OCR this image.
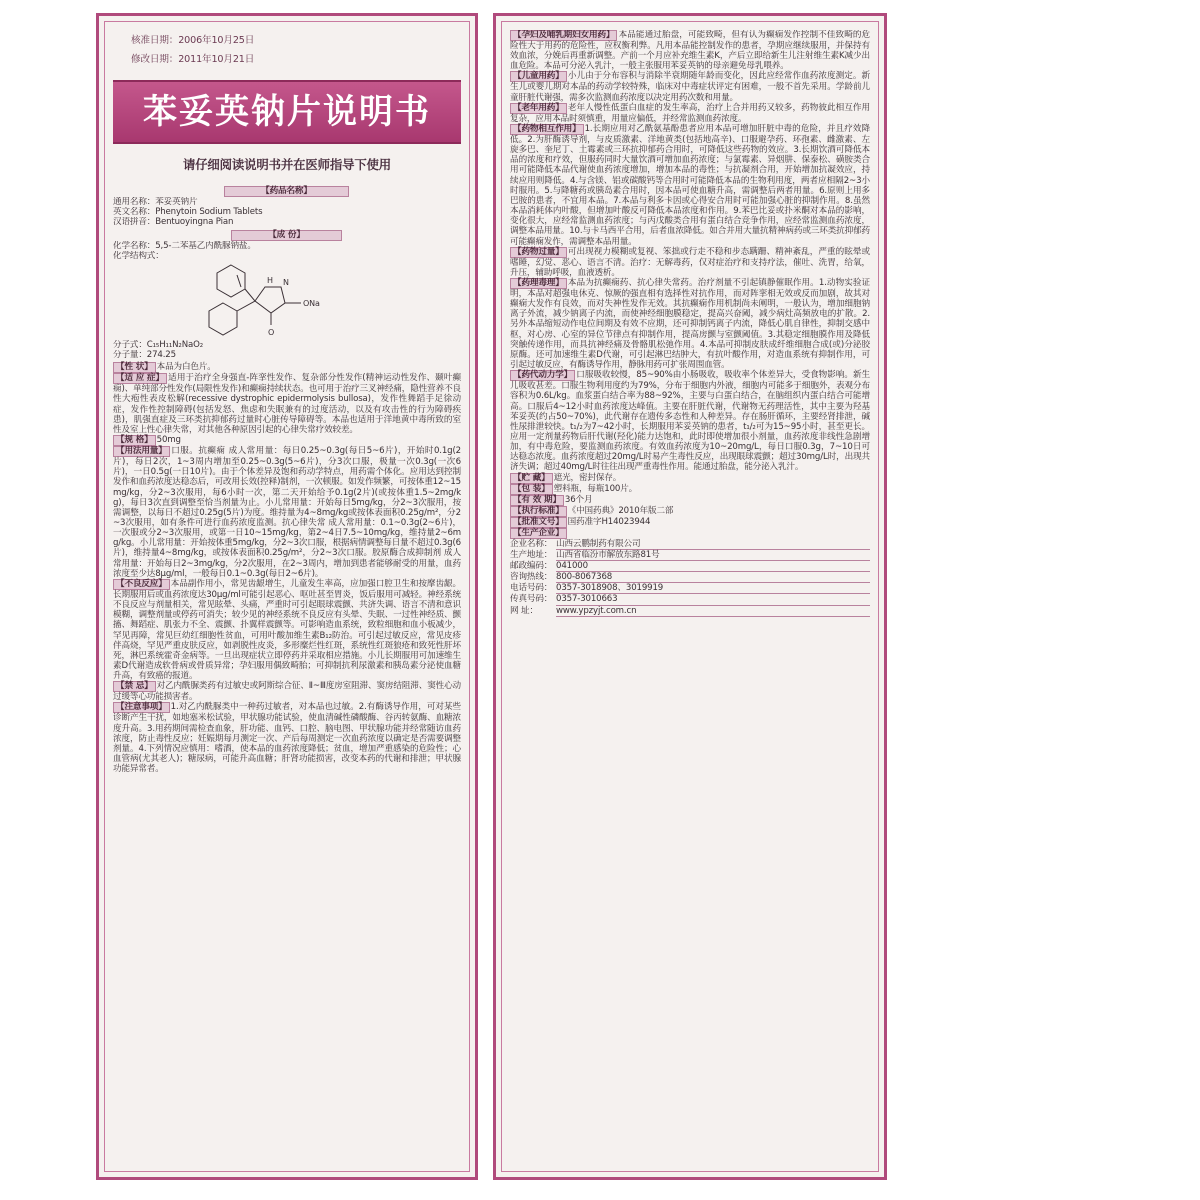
核准日期：2006年10月25日
修改日期：2011年10月21日
苯妥英钠片说明书
请仔细阅读说明书并在医师指导下使用
【药品名称】
通用名称：苯妥英钠片
英文名称：Phenytoin Sodium Tablets
汉语拼音：Bentuoyingna Pian
【成 份】
化学名称：5,5-二苯基乙内酰脲钠盐。
化学结构式：
H N
ONa
O
分子式：C₁₅H₁₁N₂NaO₂
分子量：274.25
【性 状】 本品为白色片。
【适 应 症】 适用于治疗全身强直-阵挛性发作、复杂部分性发作(精神运动性发作、颞叶癫痫)、单纯部分性发作(局限性发作)和癫痫持续状态。也可用于治疗三叉神经痛，隐性营养不良性大疱性表皮松解(recessive dystrophic epidermolysis bullosa)，发作性舞蹈手足徐动症，发作性控制障碍(包括发怒、焦虑和失眠兼有的过度活动，以及有攻击性的行为障碍疾患)，肌强直症及三环类抗抑郁药过量时心脏传导障碍等。本品也适用于洋地黄中毒所致的室性及室上性心律失常，对其他各种原因引起的心律失常疗效较差。
【规 格】 50mg
【用法用量】 口服。抗癫痫 成人常用量：每日0.25~0.3g(每日5~6片)，开始时0.1g(2片)，每日2次，1~3周内增加至0.25~0.3g(5~6片)，分3次口服，极量一次0.3g(一次6片)，一日0.5g(一日10片)。由于个体差异及饱和药动学特点，用药需个体化。应用达到控制发作和血药浓度达稳态后，可改用长效(控释)制剂，一次顿服。如发作频繁，可按体重12~15mg/kg，分2~3次服用，每6小时一次，第二天开始给予0.1g(2片)(或按体重1.5~2mg/kg)，每日3次直到调整至恰当剂量为止。小儿常用量：开始每日5mg/kg，分2~3次服用，按需调整，以每日不超过0.25g(5片)为度。维持量为4~8mg/kg或按体表面积0.25g/m²，分2~3次服用，如有条件可进行血药浓度监测。抗心律失常 成人常用量：0.1~0.3g(2~6片)，一次服或分2~3次服用，或第一日10~15mg/kg，第2~4日7.5~10mg/kg，维持量2~6mg/kg。小儿常用量：开始按体重5mg/kg，分2~3次口服，根据病情调整每日量不超过0.3g(6片)，维持量4~8mg/kg，或按体表面积0.25g/m²，分2~3次口服。胶原酶合成抑制剂 成人常用量：开始每日2~3mg/kg，分2次服用，在2~3周内，增加到患者能够耐受的用量，血药浓度至少达8μg/ml，一般每日0.1~0.3g(每日2~6片)。
【不良反应】 本品副作用小，常见齿龈增生，儿童发生率高，应加强口腔卫生和按摩齿龈。长期服用后或血药浓度达30μg/ml可能引起恶心、呕吐甚至胃炎，饭后服用可减轻。神经系统不良反应与剂量相关，常见眩晕、头痛，严重时可引起眼球震颤、共济失调、语言不清和意识模糊，调整剂量或停药可消失；较少见的神经系统不良反应有头晕、失眠、一过性神经质、颤搐、舞蹈症、肌张力不全、震颤、扑翼样震颤等。可影响造血系统，致粒细胞和血小板减少，罕见再障，常见巨幼红细胞性贫血，可用叶酸加维生素B₁₂防治。可引起过敏反应，常见皮疹伴高烧，罕见严重皮肤反应，如剥脱性皮炎，多形糜烂性红斑，系统性红斑狼疮和致死性肝坏死，淋巴系统霍奇金病等。一旦出现症状立即停药并采取相应措施。小儿长期服用可加速维生素D代谢造成软骨病或骨质异常；孕妇服用偶致畸胎；可抑制抗利尿激素和胰岛素分泌使血糖升高，有致癌的报道。
【禁 忌】 对乙内酰脲类药有过敏史或阿斯综合征、Ⅱ~Ⅲ度房室阻滞、窦房结阻滞、窦性心动过缓等心功能损害者。
【注意事项】 1.对乙内酰脲类中一种药过敏者，对本品也过敏。2.有酶诱导作用，可对某些诊断产生干扰，如地塞米松试验，甲状腺功能试验，使血清碱性磷酸酶、谷丙转氨酶、血糖浓度升高。3.用药期间需检查血象，肝功能、血钙、口腔、脑电图、甲状腺功能并经常随访血药浓度，防止毒性反应；妊娠期每月测定一次、产后每周测定一次血药浓度以确定是否需要调整剂量。4.下列情况应慎用：嗜酒，使本品的血药浓度降低；贫血，增加严重感染的危险性；心血管病(尤其老人)；糖尿病，可能升高血糖；肝肾功能损害，改变本药的代谢和排泄；甲状腺功能异常者。
【孕妇及哺乳期妇女用药】 本品能通过胎盘，可能致畸，但有认为癫痫发作控制不佳致畸的危险性大于用药的危险性，应权衡利弊。凡用本品能控制发作的患者，孕期应继续服用，并保持有效血浓，分娩后再重新调整。产前一个月应补充维生素K，产后立即给新生儿注射维生素K减少出血危险。本品可分泌入乳汁，一般主张服用苯妥英钠的母亲避免母乳喂养。
【儿童用药】 小儿由于分布容积与消除半衰期随年龄而变化，因此应经常作血药浓度测定。新生儿或婴儿期对本品的药动学较特殊，临床对中毒症状评定有困难，一般不首先采用。学龄前儿童肝脏代谢强，需多次监测血药浓度以决定用药次数和用量。
【老年用药】 老年人慢性低蛋白血症的发生率高，治疗上合并用药又较多，药物彼此相互作用复杂，应用本品时须慎重，用量应偏低，并经常监测血药浓度。
【药物相互作用】 1.长期应用对乙酰氨基酚患者应用本品可增加肝脏中毒的危险，并且疗效降低。2.为肝酶诱导剂，与皮质激素、洋地黄类(包括地高辛)、口服避孕药、环孢素、雌激素、左旋多巴、奎尼丁、土霉素或三环抗抑郁药合用时，可降低这些药物的效应。3.长期饮酒可降低本品的浓度和疗效，但服药同时大量饮酒可增加血药浓度；与氯霉素、异烟肼、保泰松、磺胺类合用可能降低本品代谢使血药浓度增加，增加本品的毒性；与抗凝剂合用，开始增加抗凝效应，持续应用则降低。4.与含镁、铝或碳酸钙等合用时可能降低本品的生物利用度，两者应相隔2~3小时服用。5.与降糖药或胰岛素合用时，因本品可使血糖升高，需调整后两者用量。6.原则上用多巴胺的患者，不宜用本品。7.本品与利多卡因或心得安合用时可能加强心脏的抑制作用。8.虽然本品消耗体内叶酸，但增加叶酸反可降低本品浓度和作用。9.苯巴比妥或扑米酮对本品的影响，变化很大，应经常监测血药浓度；与丙戊酸类合用有蛋白结合竞争作用，应经常监测血药浓度，调整本品用量。10.与卡马西平合用，后者血浓降低。如合并用大量抗精神病药或三环类抗抑郁药可能癫痫发作，需调整本品用量。
【药物过量】 可出现视力模糊或复视、笨拙或行走不稳和步态蹒跚、精神紊乱，严重的眩晕或嗜睡，幻觉、恶心、语言不清。治疗：无解毒药，仅对症治疗和支持疗法，催吐、洗胃，给氧，升压，辅助呼吸，血液透析。
【药理毒理】 本品为抗癫痫药、抗心律失常药。治疗剂量不引起镇静催眠作用。1.动物实验证明，本品对超强电休克、惊厥的强直相有选择性对抗作用，而对阵挛相无效或反而加剧，故其对癫痫大发作有良效，而对失神性发作无效。其抗癫痫作用机制尚未阐明，一般认为，增加细胞钠离子外流，减少钠离子内流，而使神经细胞膜稳定，提高兴奋阈，减少病灶高频放电的扩散。2.另外本品缩短动作电位间期及有效不应期，还可抑制钙离子内流，降低心肌自律性，抑制交感中枢，对心房、心室的异位节律点有抑制作用，提高房颤与室颤阈值。3.其稳定细胞膜作用及降低突触传递作用，而具抗神经痛及骨骼肌松弛作用。4.本品可抑制皮肤成纤维细胞合成(或)分泌胶原酶。还可加速维生素D代谢，可引起淋巴结肿大，有抗叶酸作用，对造血系统有抑制作用，可引起过敏反应，有酶诱导作用，静脉用药可扩张周围血管。
【药代动力学】 口服吸收较慢，85~90%由小肠吸收，吸收率个体差异大，受食物影响。新生儿吸收甚差。口服生物利用度约为79%，分布于细胞内外液，细胞内可能多于细胞外，表观分布容积为0.6L/kg。血浆蛋白结合率为88~92%，主要与白蛋白结合，在脑组织内蛋白结合可能增高。口服后4~12小时血药浓度达峰值。主要在肝脏代谢，代谢物无药理活性，其中主要为羟基苯妥英(约占50~70%)，此代谢存在遗传多态性和人种差异。存在肠肝循环，主要经肾排泄，碱性尿排泄较快。t₁/₂为7~42小时，长期服用苯妥英钠的患者，t₁/₂可为15~95小时，甚至更长。应用一定剂量药物后肝代谢(羟化)能力达饱和，此时即使增加很小剂量，血药浓度非线性急剧增加，有中毒危险，要监测血药浓度。有效血药浓度为10~20mg/L，每日口服0.3g，7~10日可达稳态浓度。血药浓度超过20mg/L时易产生毒性反应，出现眼球震颤；超过30mg/L时，出现共济失调；超过40mg/L时往往出现严重毒性作用。能通过胎盘，能分泌入乳汁。
【贮 藏】 遮光，密封保存。
【包 装】 塑料瓶，每瓶100片。
【有 效 期】 36个月
【执行标准】 《中国药典》2010年版二部
【批准文号】 国药准字H14023944
【生产企业】
企业名称： 山西云鹏制药有限公司
生产地址： 山西省临汾市解放东路81号
邮政编码： 041000
咨询热线： 800-8067368
电话号码： 0357-3018908、3019919
传真号码： 0357-3010663
网 址：	www.ypzyjt.com.cn
